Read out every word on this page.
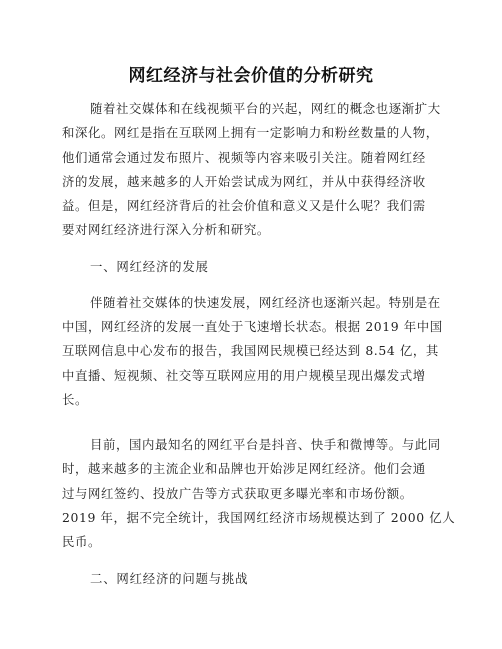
网红经济与社会价值的分析研究
随着社交媒体和在线视频平台的兴起，网红的概念也逐渐扩大
和深化。网红是指在互联网上拥有一定影响力和粉丝数量的人物，
他们通常会通过发布照片、视频等内容来吸引关注。随着网红经
济的发展，越来越多的人开始尝试成为网红，并从中获得经济收
益。但是，网红经济背后的社会价值和意义又是什么呢？我们需
要对网红经济进行深入分析和研究。
一、网红经济的发展
伴随着社交媒体的快速发展，网红经济也逐渐兴起。特别是在
中国，网红经济的发展一直处于飞速增长状态。根据 2019 年中国
互联网信息中心发布的报告，我国网民规模已经达到 8.54 亿，其
中直播、短视频、社交等互联网应用的用户规模呈现出爆发式增
长。
目前，国内最知名的网红平台是抖音、快手和微博等。与此同
时，越来越多的主流企业和品牌也开始涉足网红经济。他们会通
过与网红签约、投放广告等方式获取更多曝光率和市场份额。
2019 年，据不完全统计，我国网红经济市场规模达到了 2000 亿人
民币。
二、网红经济的问题与挑战
